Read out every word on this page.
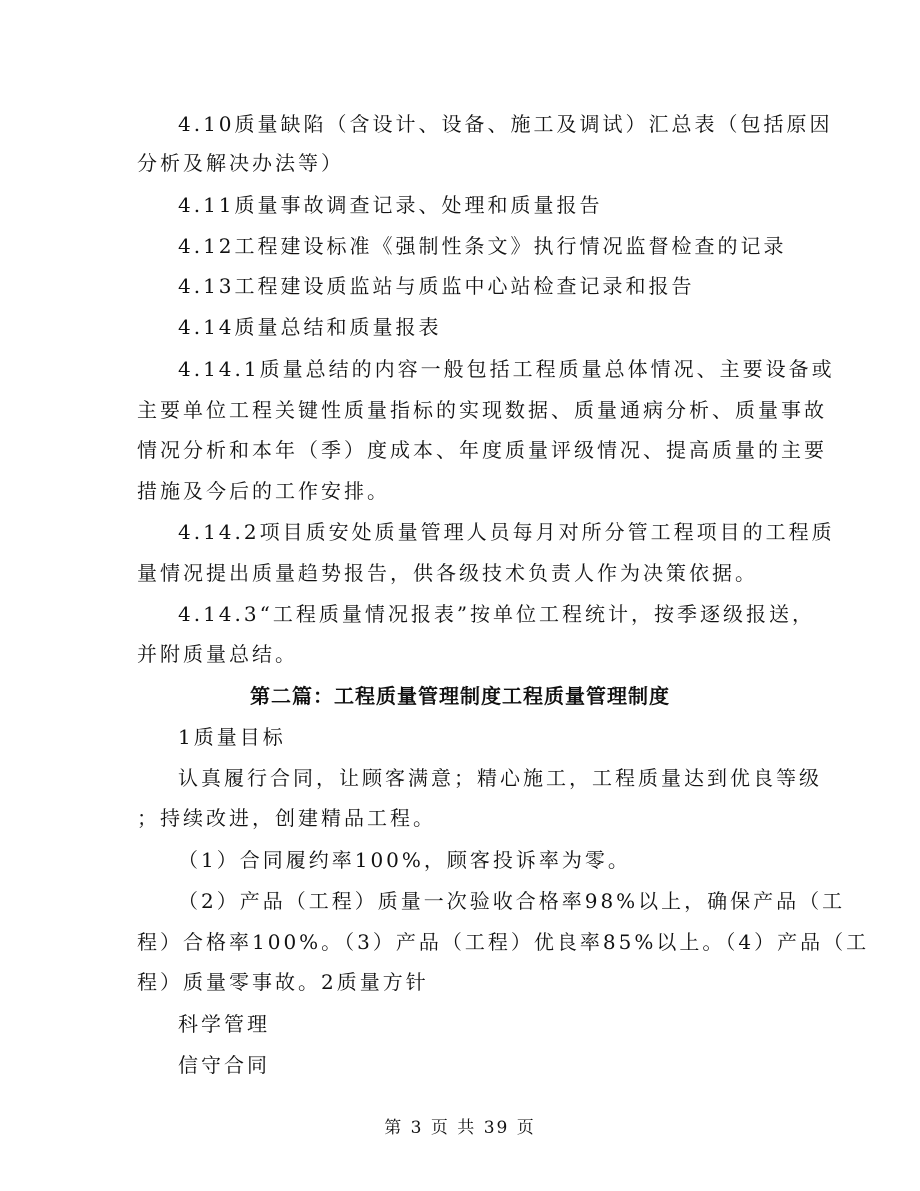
4.10质量缺陷（含设计、设备、施工及调试）汇总表（包括原因
分析及解决办法等）
4.11质量事故调查记录、处理和质量报告
4.12工程建设标准《强制性条文》执行情况监督检查的记录
4.13工程建设质监站与质监中心站检查记录和报告
4.14质量总结和质量报表
4.14.1质量总结的内容一般包括工程质量总体情况、主要设备或
主要单位工程关键性质量指标的实现数据、质量通病分析、质量事故
情况分析和本年（季）度成本、年度质量评级情况、提高质量的主要
措施及今后的工作安排。
4.14.2项目质安处质量管理人员每月对所分管工程项目的工程质
量情况提出质量趋势报告，供各级技术负责人作为决策依据。
4.14.3“工程质量情况报表”按单位工程统计，按季逐级报送，
并附质量总结。
第二篇：工程质量管理制度工程质量管理制度
1质量目标
认真履行合同，让顾客满意；精心施工，工程质量达到优良等级
；持续改进，创建精品工程。
（1）合同履约率100%，顾客投诉率为零。
（2）产品（工程）质量一次验收合格率98%以上，确保产品（工
程）合格率100%。（3）产品（工程）优良率85%以上。（4）产品（工
程）质量零事故。2质量方针
科学管理
信守合同
第 3 页 共 39 页
